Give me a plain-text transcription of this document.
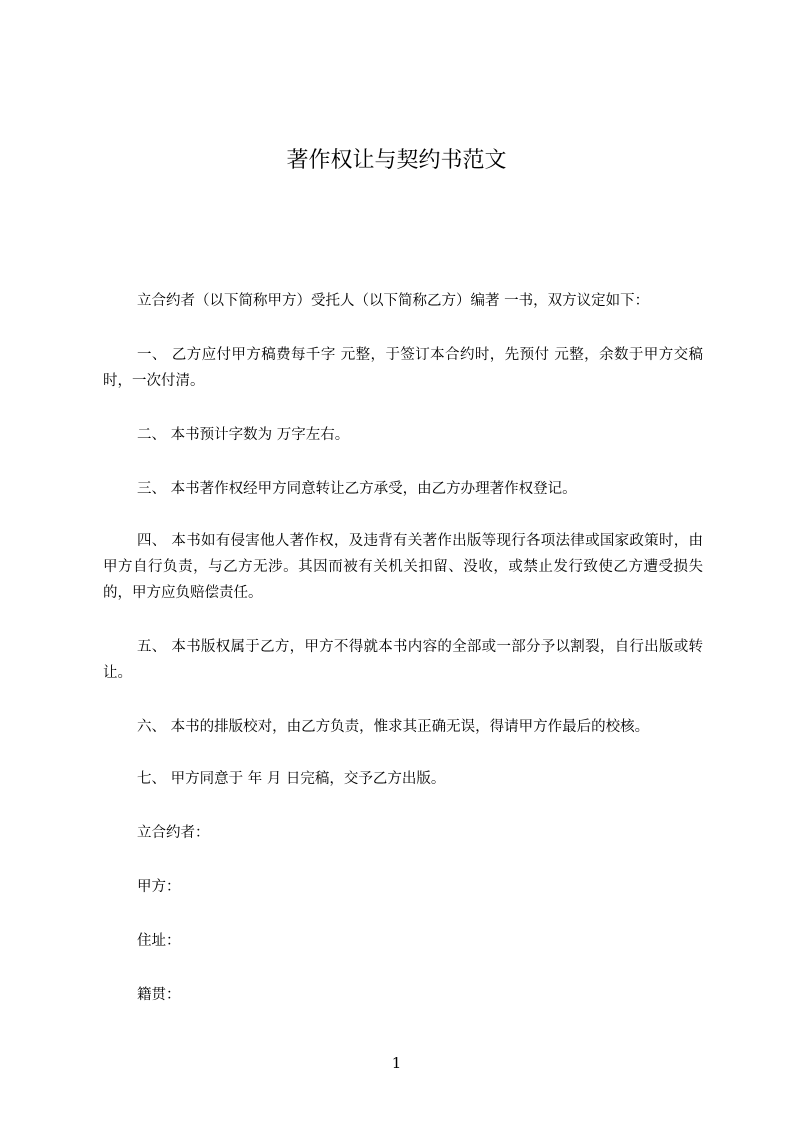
著作权让与契约书范文
立合约者（以下简称甲方）受托人（以下简称乙方）编著 一书，双方议定如下：
一、 乙方应付甲方稿费每千字 元整，于签订本合约时，先预付 元整，余数于甲方交稿时，一次付清。
二、 本书预计字数为 万字左右。
三、 本书著作权经甲方同意转让乙方承受，由乙方办理著作权登记。
四、 本书如有侵害他人著作权，及违背有关著作出版等现行各项法律或国家政策时，由甲方自行负责，与乙方无涉。其因而被有关机关扣留、没收，或禁止发行致使乙方遭受损失的，甲方应负赔偿责任。
五、 本书版权属于乙方，甲方不得就本书内容的全部或一部分予以割裂，自行出版或转让。
六、 本书的排版校对，由乙方负责，惟求其正确无误，得请甲方作最后的校核。
七、 甲方同意于 年 月 日完稿，交予乙方出版。
立合约者：
甲方：
住址：
籍贯：
1
